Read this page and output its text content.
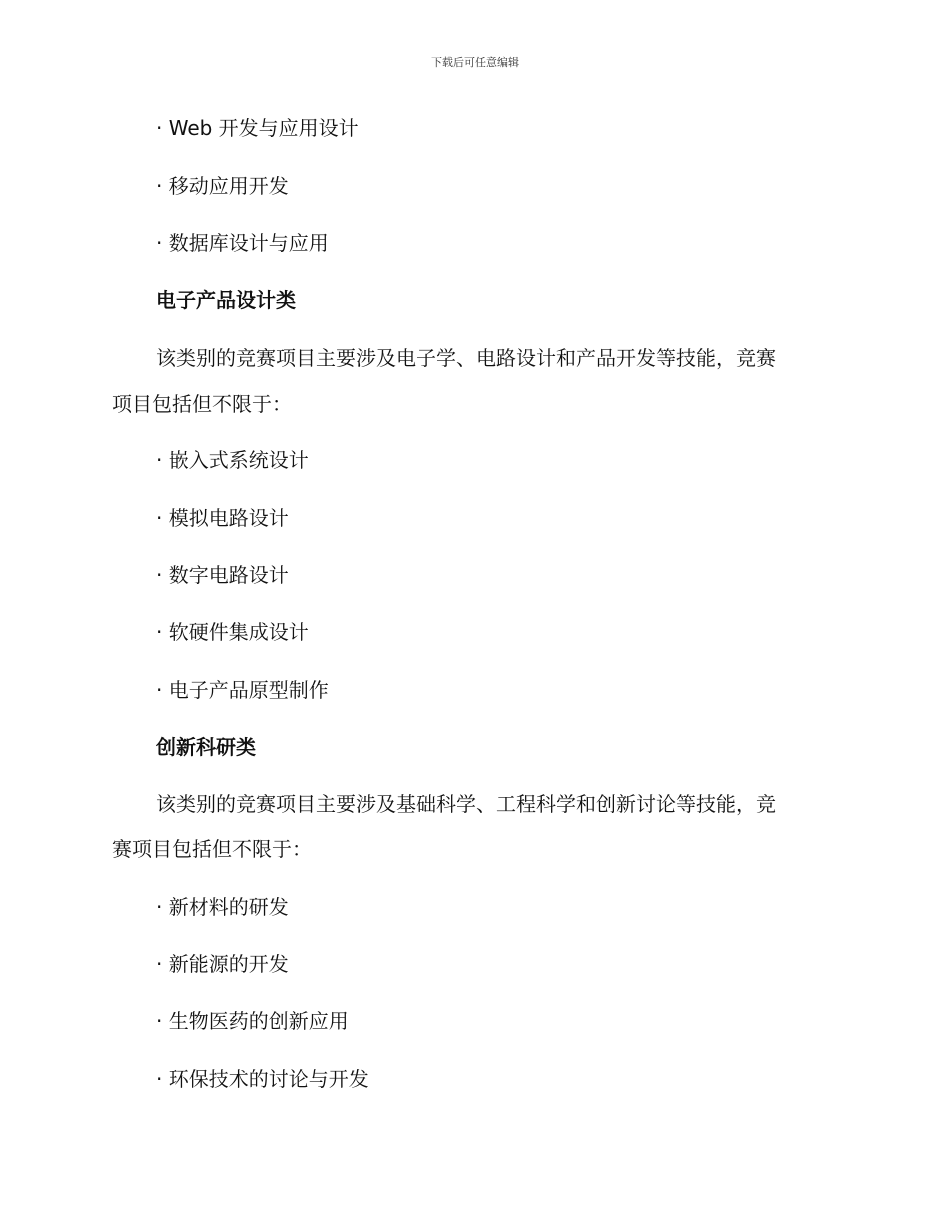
下载后可任意编辑
· Web 开发与应用设计
· 移动应用开发
· 数据库设计与应用
电子产品设计类
该类别的竞赛项目主要涉及电子学、电路设计和产品开发等技能，竞赛
项目包括但不限于：
· 嵌入式系统设计
· 模拟电路设计
· 数字电路设计
· 软硬件集成设计
· 电子产品原型制作
创新科研类
该类别的竞赛项目主要涉及基础科学、工程科学和创新讨论等技能，竞
赛项目包括但不限于：
· 新材料的研发
· 新能源的开发
· 生物医药的创新应用
· 环保技术的讨论与开发
